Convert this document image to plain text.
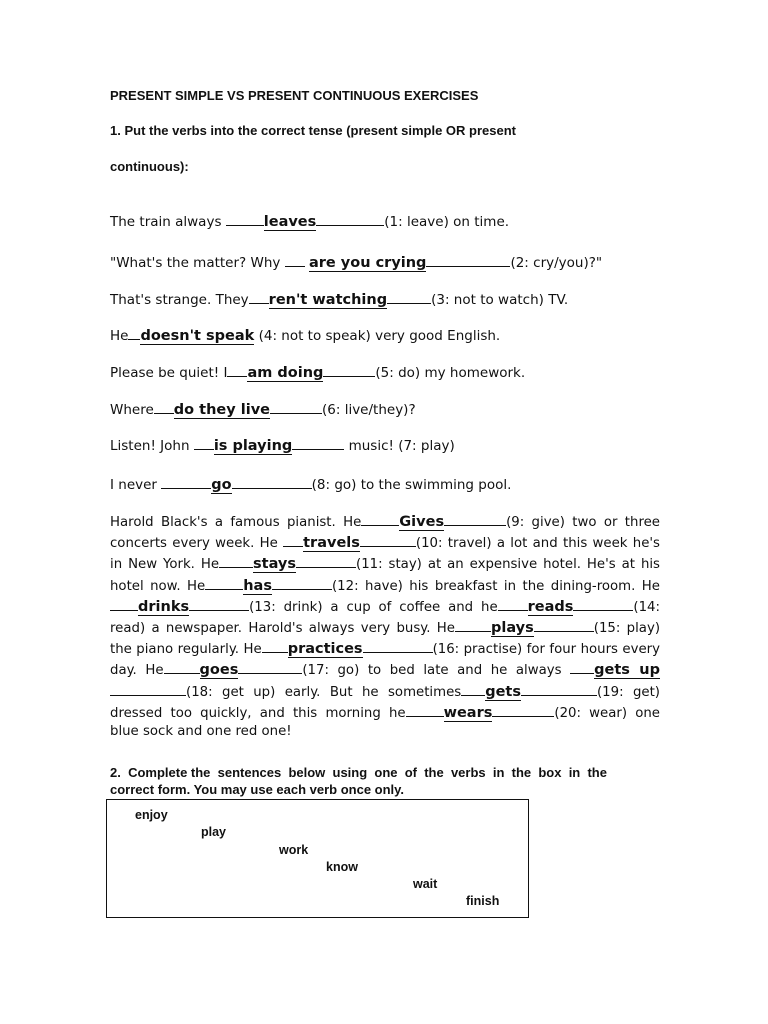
PRESENT SIMPLE VS PRESENT CONTINUOUS EXERCISES
1. Put the verbs into the correct tense (present simple OR present
continuous):
The train always	leaves	(1: leave) on time.
"What's the matter? Why  are you crying	(2: cry/you)?"
That's strange. They ren't watching	(3: not to watch) TV.
He doesn't speak (4: not to speak) very good English.
Please be quiet! I am doing	(5: do) my homework.
Where do they live	(6: live/they)?
Listen! John is playing	music! (7: play)
I never	go	(8: go) to the swimming pool.
Harold Black's a famous pianist. He	Gives	(9: give) two or three concerts every week. He travels	(10: travel) a lot and this week he's in New York. He stays	(11: stay) at an expensive hotel. He's at his hotel now. He	has	(12: have) his breakfast in the dining-room. Hedrinks	(13: drink) a cup of coffee and he reads	(14: read) a newspaper. Harold's always very busy. He plays	(15: play) the piano regularly. He practices	(16: practise) for four hours every day. He goes	(17: go) to bed late and he always gets up(18: get up) early. But he sometimes gets	(19: get) dressed too quickly, and this morning he	wears	(20: wear) one blue sock and one red one!
2.  Complete the  sentences  below  using  one  of  the  verbs  in  the  box  in  the
correct form. You may use each verb once only.
enjoy
play
work
know
wait
finish
